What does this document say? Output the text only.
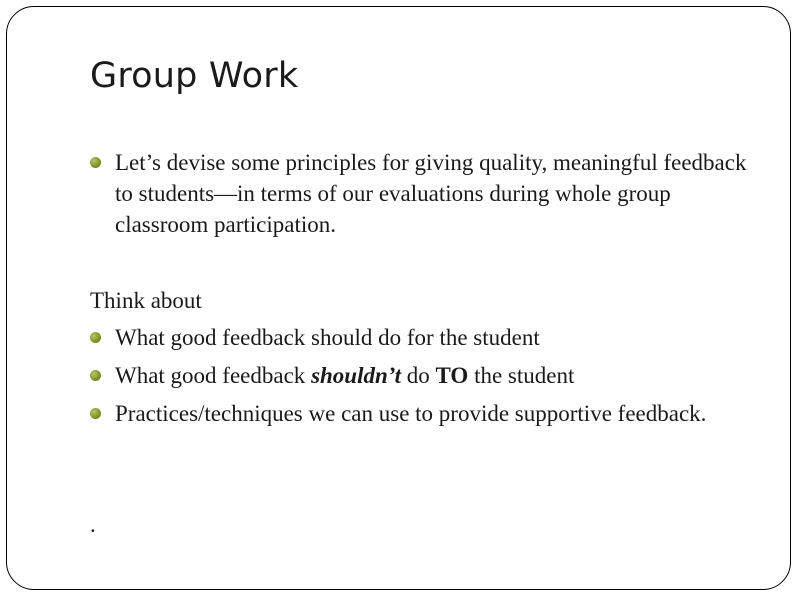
Group Work
Let’s devise some principles for giving quality, meaningful feedback to students—in terms of our evaluations during whole group classroom participation.
Think about
What good feedback should do for the student
What good feedback shouldn’t do TO the student
Practices/techniques we can use to provide supportive feedback.
.
